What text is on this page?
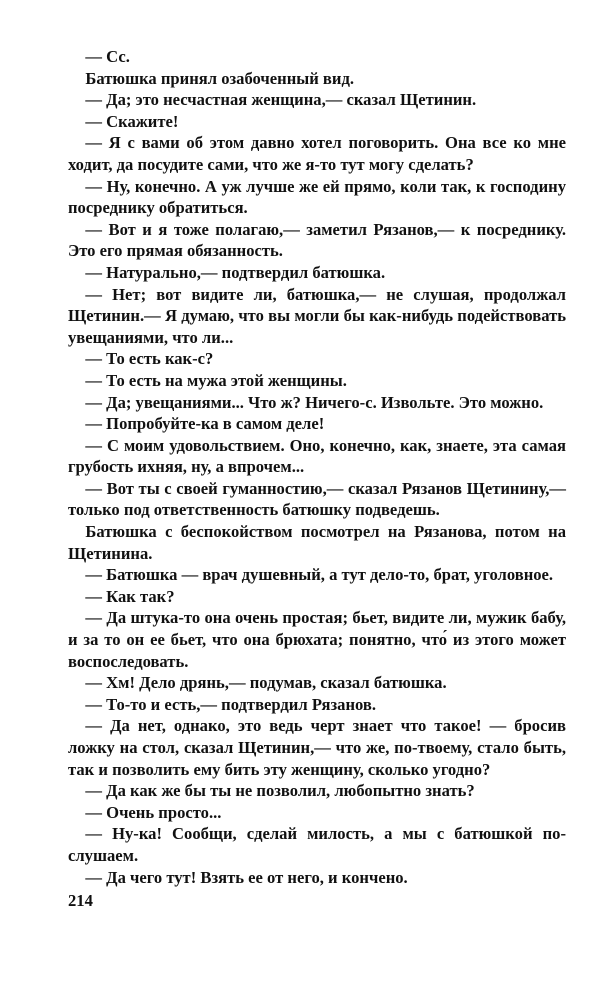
— Сс.

Батюшка принял озабоченный вид.

— Да; это несчастная женщина,— сказал Щетинин.

— Скажите!

— Я с вами об этом давно хотел поговорить. Она все ко мне ходит, да посудите сами, что же я-то тут могу сделать?

— Ну, конечно. А уж лучше же ей прямо, коли так, к господину посреднику обратиться.

— Вот и я тоже полагаю,— заметил Рязанов,— к посреднику. Это его прямая обязанность.

— Натурально,— подтвердил батюшка.

— Нет; вот видите ли, батюшка,— не слушая, продолжал Щетинин.— Я думаю, что вы могли бы как-нибудь подействовать увещаниями, что ли...

— То есть как-с?

— То есть на мужа этой женщины.

— Да; увещаниями... Что ж? Ничего-с. Извольте. Это можно.

— Попробуйте-ка в самом деле!

— С моим удовольствием. Оно, конечно, как, знаете, эта самая грубость ихняя, ну, а впрочем...

— Вот ты с своей гуманностию,— сказал Рязанов Щетинину,— только под ответственность батюшку подведешь.

Батюшка с беспокойством посмотрел на Рязанова, потом на Щетинина.

— Батюшка — врач душевный, а тут дело-то, брат, уголовное.

— Как так?

— Да штука-то она очень простая; бьет, видите ли, мужик бабу, и за то он ее бьет, что она брюхата; понятно, что́ из этого может воспоследовать.

— Хм! Дело дрянь,— подумав, сказал батюшка.

— То-то и есть,— подтвердил Рязанов.

— Да нет, однако, это ведь черт знает что такое! — бросив ложку на стол, сказал Щетинин,— что же, по-твоему, стало быть, так и позволить ему бить эту женщину, сколько угодно?

— Да как же бы ты не позволил, любопытно знать?

— Очень просто...

— Ну-ка! Сообщи, сделай милость, а мы с батюшкой послушаем.

— Да чего тут! Взять ее от него, и кончено.

214
